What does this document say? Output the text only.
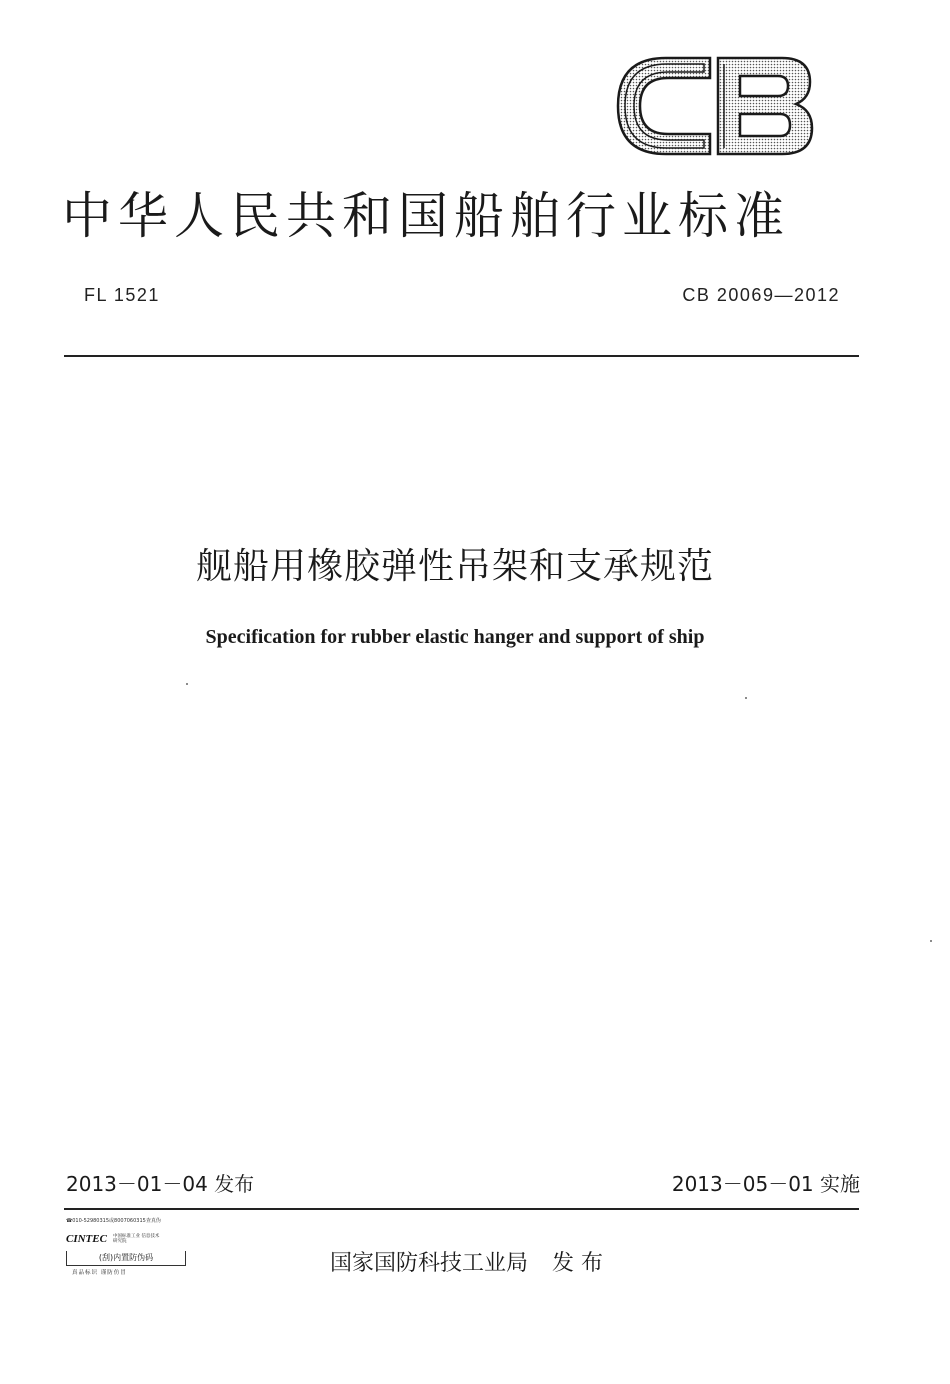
中华人民共和国船舶行业标准
FL 1521	CB 20069—2012
舰船用橡胶弹性吊架和支承规范
Specification for rubber elastic hanger and support of ship
2013－01－04 发布	2013－05－01 实施
☎010-52980315或8007060315查真伪
CINTEC 中国标准工业 信息技术研究院
(刮)内置防伪码
真品标识 谨防仿冒	国家国防科技工业局 发 布
